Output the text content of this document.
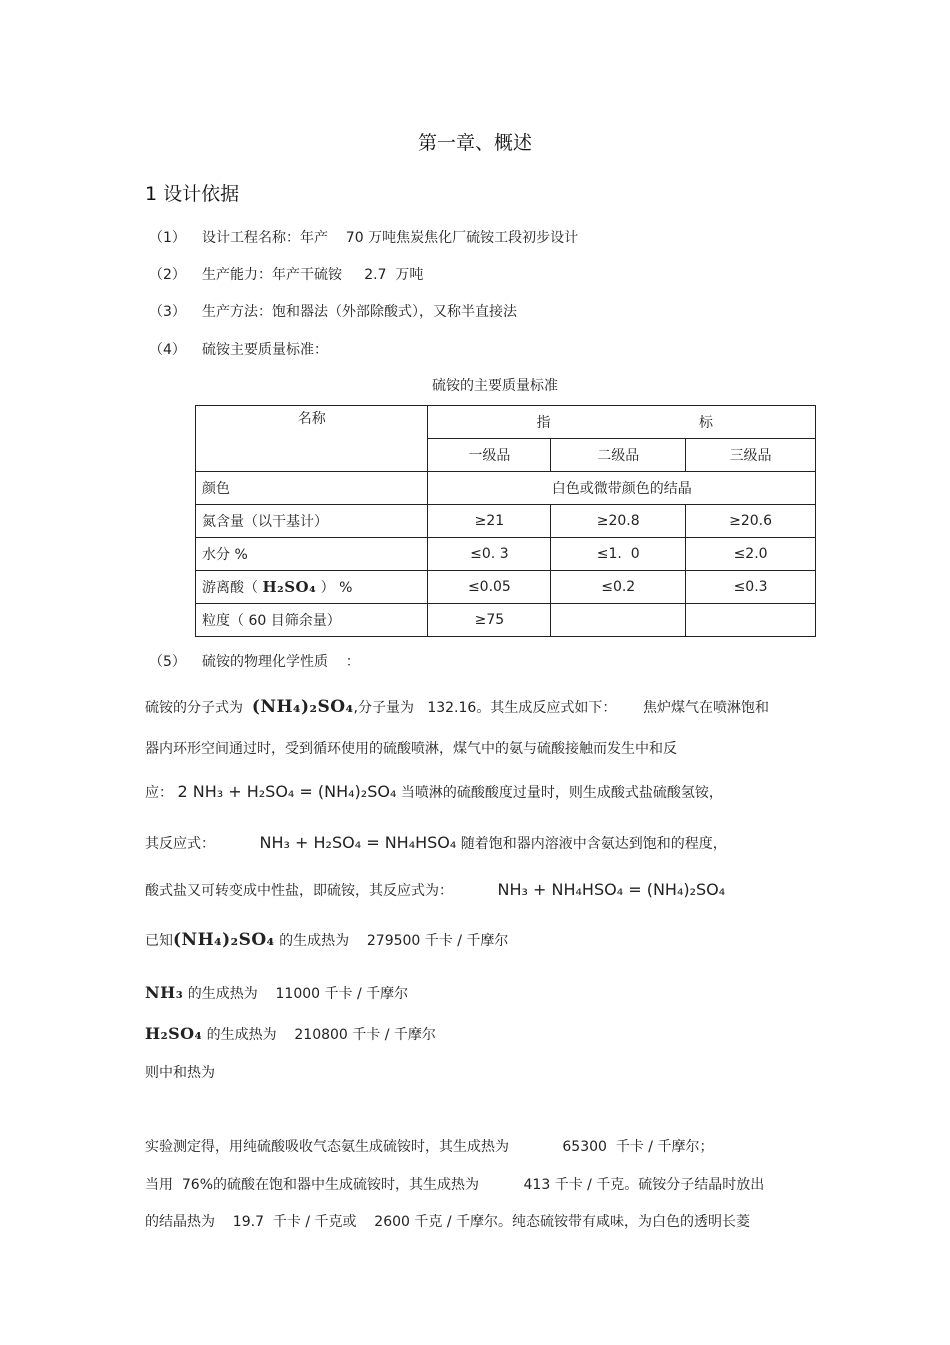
第一章、概述
1 设计依据
（1） 设计工程名称：年产    70 万吨焦炭焦化厂硫铵工段初步设计
（2） 生产能力：年产干硫铵     2.7  万吨
（3） 生产方法：饱和器法（外部除酸式），又称半直接法
（4） 硫铵主要质量标准：
硫铵的主要质量标准
名称	指 标		

	一级品	二级品	三级品
颜色	白色或微带颜色的结晶		
氮含量（以干基计）	≥21	≥20.8	≥20.6
水分 %	≤0. 3	≤1.  0	≤2.0
游离酸（ H₂SO₄ ） %	≤0.05	≤0.2	≤0.3
粒度（ 60 目筛余量）	≥75		
（5） 硫铵的物理化学性质    ：
硫铵的分子式为 (NH₄)₂SO₄,分子量为   132.16。其生成反应式如下：      焦炉煤气在喷淋饱和
器内环形空间通过时，受到循环使用的硫酸喷淋，煤气中的氨与硫酸接触而发生中和反
应： 2 NH₃ + H₂SO₄ = (NH₄)₂SO₄ 当喷淋的硫酸酸度过量时，则生成酸式盐硫酸氢铵，
其反应式：	NH₃ + H₂SO₄ = NH₄HSO₄ 随着饱和器内溶液中含氨达到饱和的程度，
酸式盐又可转变成中性盐，即硫铵，其反应式为：	NH₃ + NH₄HSO₄ = (NH₄)₂SO₄
已知(NH₄)₂SO₄ 的生成热为    279500 千卡 / 千摩尔
NH₃ 的生成热为    11000 千卡 / 千摩尔
H₂SO₄ 的生成热为    210800 千卡 / 千摩尔
则中和热为
实验测定得，用纯硫酸吸收气态氨生成硫铵时，其生成热为            65300  千卡 / 千摩尔；
当用  76%的硫酸在饱和器中生成硫铵时，其生成热为          413 千卡 / 千克。硫铵分子结晶时放出
的结晶热为    19.7  千卡 / 千克或    2600 千克 / 千摩尔。纯态硫铵带有咸味，为白色的透明长菱
